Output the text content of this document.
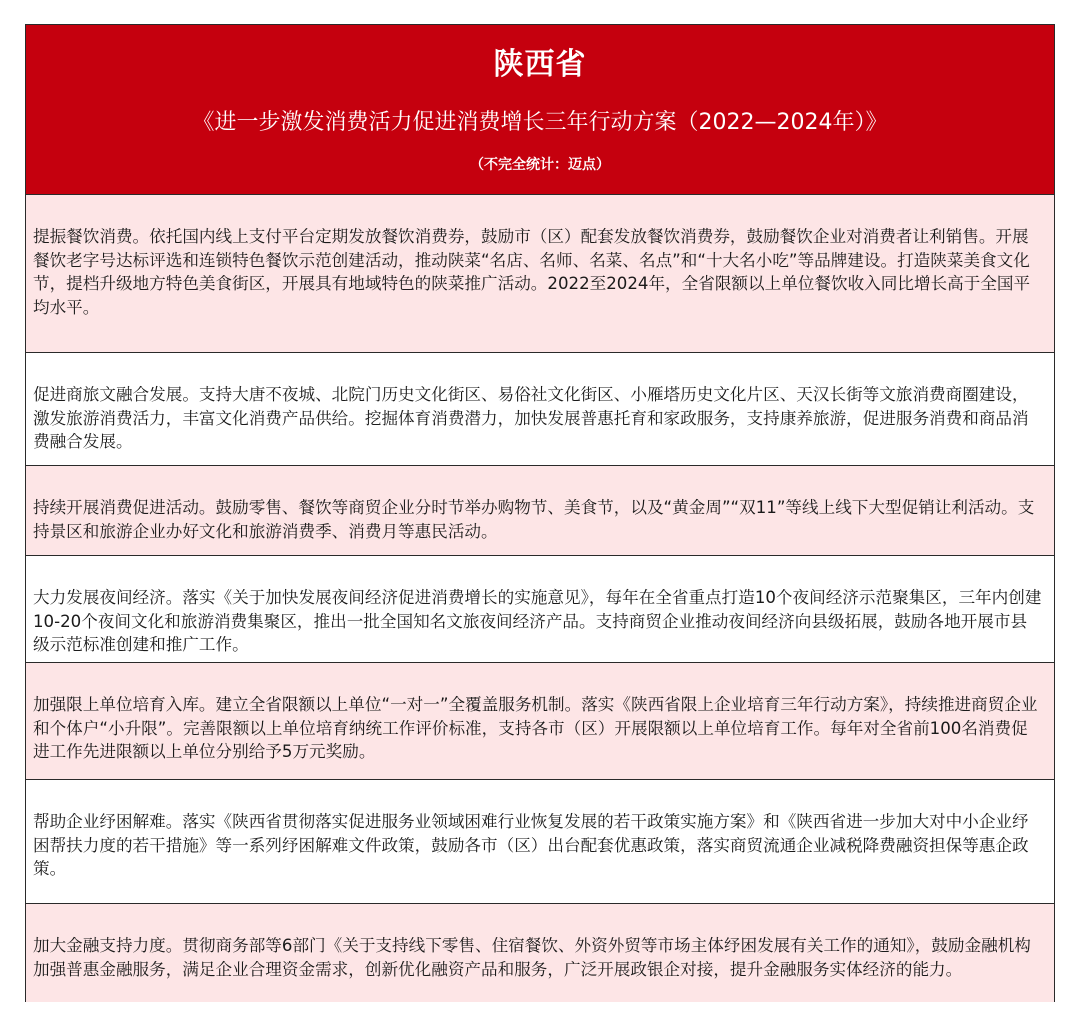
陕西省
《进一步激发消费活力促进消费增长三年行动方案（2022—2024年）》
（不完全统计：迈点）
提振餐饮消费。依托国内线上支付平台定期发放餐饮消费券，鼓励市（区）配套发放餐饮消费券，鼓励餐饮企业对消费者让利销售。开展餐饮老字号达标评选和连锁特色餐饮示范创建活动，推动陕菜“名店、名师、名菜、名点”和“十大名小吃”等品牌建设。打造陕菜美食文化节，提档升级地方特色美食街区，开展具有地域特色的陕菜推广活动。2022至2024年，全省限额以上单位餐饮收入同比增长高于全国平均水平。
促进商旅文融合发展。支持大唐不夜城、北院门历史文化街区、易俗社文化街区、小雁塔历史文化片区、天汉长街等文旅消费商圈建设，激发旅游消费活力，丰富文化消费产品供给。挖掘体育消费潜力，加快发展普惠托育和家政服务，支持康养旅游，促进服务消费和商品消费融合发展。
持续开展消费促进活动。鼓励零售、餐饮等商贸企业分时节举办购物节、美食节，以及“黄金周”“双11”等线上线下大型促销让利活动。支持景区和旅游企业办好文化和旅游消费季、消费月等惠民活动。
大力发展夜间经济。落实《关于加快发展夜间经济促进消费增长的实施意见》，每年在全省重点打造10个夜间经济示范聚集区，三年内创建10-20个夜间文化和旅游消费集聚区，推出一批全国知名文旅夜间经济产品。支持商贸企业推动夜间经济向县级拓展，鼓励各地开展市县级示范标准创建和推广工作。
加强限上单位培育入库。建立全省限额以上单位“一对一”全覆盖服务机制。落实《陕西省限上企业培育三年行动方案》，持续推进商贸企业和个体户“小升限”。完善限额以上单位培育纳统工作评价标准，支持各市（区）开展限额以上单位培育工作。每年对全省前100名消费促进工作先进限额以上单位分别给予5万元奖励。
帮助企业纾困解难。落实《陕西省贯彻落实促进服务业领域困难行业恢复发展的若干政策实施方案》和《陕西省进一步加大对中小企业纾困帮扶力度的若干措施》等一系列纾困解难文件政策，鼓励各市（区）出台配套优惠政策，落实商贸流通企业减税降费融资担保等惠企政策。
加大金融支持力度。贯彻商务部等6部门《关于支持线下零售、住宿餐饮、外资外贸等市场主体纾困发展有关工作的通知》，鼓励金融机构加强普惠金融服务，满足企业合理资金需求，创新优化融资产品和服务，广泛开展政银企对接，提升金融服务实体经济的能力。
